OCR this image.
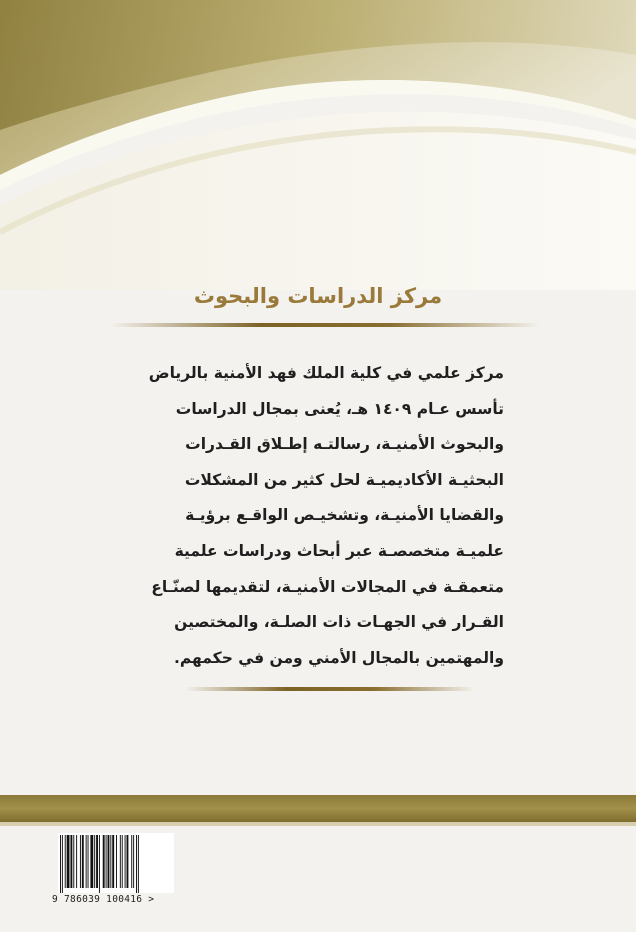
مركز الدراسات والبحوث
مركز علمي في كلية الملك فهد الأمنية بالرياض
تأسس عـام ١٤٠٩ هـ، يُعنى بمجال الدراسات
والبحوث الأمنيـة، رسالتـه إطـلاق القـدرات
البحثيـة الأكاديميـة لحل كثير من المشكلات
والقضايا الأمنيـة، وتشخيـص الواقـع برؤيـة
علميـة متخصصـة عبر أبحاث ودراسات علمية
متعمقـة في المجالات الأمنيـة، لتقديمها لصنّـاع
القـرار في الجهـات ذات الصلـة، والمختصين
والمهتمين بالمجال الأمني ومن في حكمهم.
9 786039 100416 >
